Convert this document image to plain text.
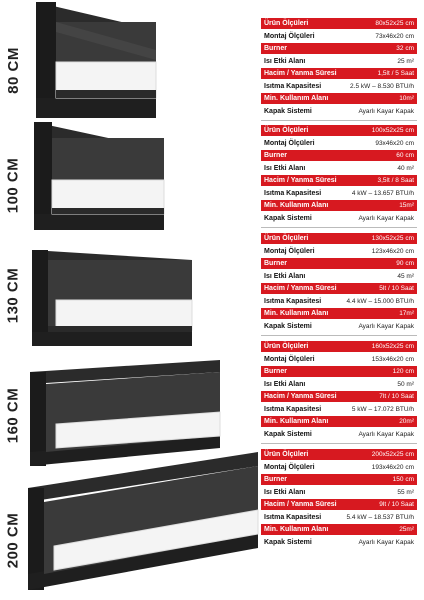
80 CM
100 CM
130 CM
160 CM
200 CM
Ürün Ölçüleri	80x52x25 cm
Montaj Ölçüleri	73x46x20 cm
Burner	32 cm
Isı Etki Alanı	25 m²
Hacim / Yanma Süresi	1,5lt / 5 Saat
Isıtma Kapasitesi	2.5 kW – 8.530 BTU/h
Min. Kullanım Alanı	10m²
Kapak Sistemi	Ayarlı Kayar Kapak
Ürün Ölçüleri	100x52x25 cm
Montaj Ölçüleri	93x46x20 cm
Burner	60 cm
Isı Etki Alanı	40 m²
Hacim / Yanma Süresi	3,5lt / 8 Saat
Isıtma Kapasitesi	4 kW – 13.657 BTU/h
Min. Kullanım Alanı	15m²
Kapak Sistemi	Ayarlı Kayar Kapak
Ürün Ölçüleri	130x52x25 cm
Montaj Ölçüleri	123x46x20 cm
Burner	90 cm
Isı Etki Alanı	45 m²
Hacim / Yanma Süresi	5lt / 10 Saat
Isıtma Kapasitesi	4.4 kW – 15.000 BTU/h
Min. Kullanım Alanı	17m²
Kapak Sistemi	Ayarlı Kayar Kapak
Ürün Ölçüleri	160x52x25 cm
Montaj Ölçüleri	153x46x20 cm
Burner	120 cm
Isı Etki Alanı	50 m²
Hacim / Yanma Süresi	7lt / 10 Saat
Isıtma Kapasitesi	5 kW – 17.072 BTU/h
Min. Kullanım Alanı	20m²
Kapak Sistemi	Ayarlı Kayar Kapak
Ürün Ölçüleri	200x52x25 cm
Montaj Ölçüleri	193x46x20 cm
Burner	150 cm
Isı Etki Alanı	55 m²
Hacim / Yanma Süresi	9lt / 10 Saat
Isıtma Kapasitesi	5.4 kW – 18.537 BTU/h
Min. Kullanım Alanı	25m²
Kapak Sistemi	Ayarlı Kayar Kapak
